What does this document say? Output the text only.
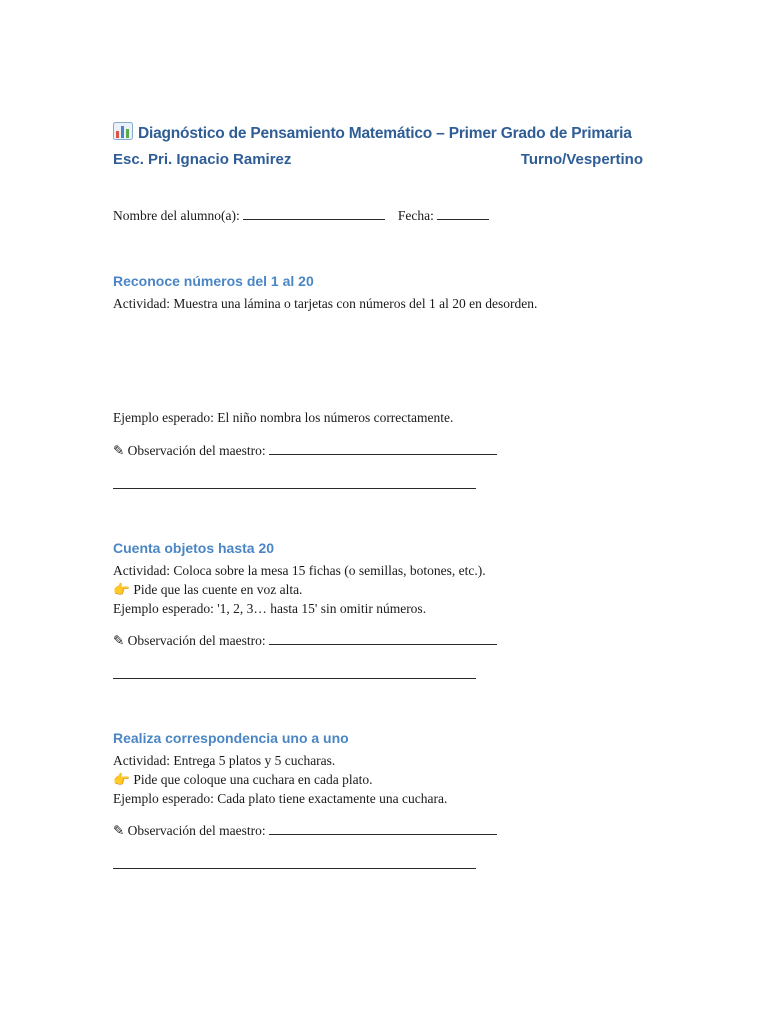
Diagnóstico de Pensamiento Matemático – Primer Grado de Primaria
Esc. Pri. Ignacio Ramirez	Turno/Vespertino
Nombre del alumno(a):	Fecha:
Reconoce números del 1 al 20
Actividad: Muestra una lámina o tarjetas con números del 1 al 20 en desorden.
Ejemplo esperado: El niño nombra los números correctamente.
✎ Observación del maestro:
Cuenta objetos hasta 20
Actividad: Coloca sobre la mesa 15 fichas (o semillas, botones, etc.).
👉 Pide que las cuente en voz alta.
Ejemplo esperado: '1, 2, 3… hasta 15' sin omitir números.
✎ Observación del maestro:
Realiza correspondencia uno a uno
Actividad: Entrega 5 platos y 5 cucharas.
👉 Pide que coloque una cuchara en cada plato.
Ejemplo esperado: Cada plato tiene exactamente una cuchara.
✎ Observación del maestro:
